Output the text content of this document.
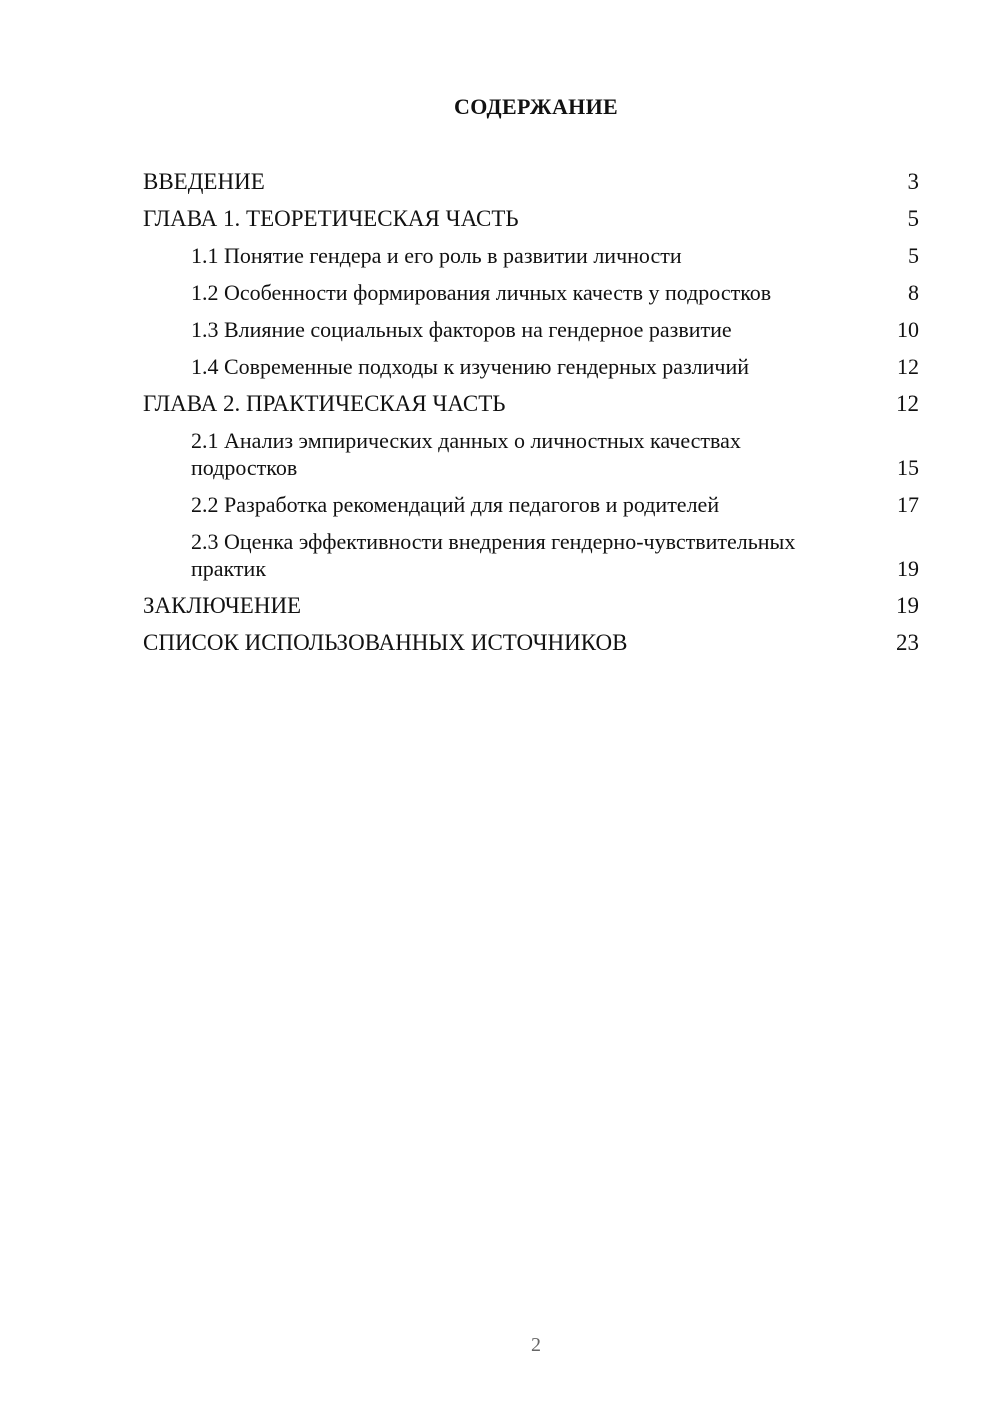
СОДЕРЖАНИЕ
ВВЕДЕНИЕ	3
ГЛАВА 1. ТЕОРЕТИЧЕСКАЯ ЧАСТЬ	5
1.1 Понятие гендера и его роль в развитии личности	5
1.2 Особенности формирования личных качеств у подростков	8
1.3 Влияние социальных факторов на гендерное развитие	10
1.4 Современные подходы к изучению гендерных различий	12
ГЛАВА 2. ПРАКТИЧЕСКАЯ ЧАСТЬ	12
2.1 Анализ эмпирических данных о личностных качествах подростков	15
2.2 Разработка рекомендаций для педагогов и родителей	17
2.3 Оценка эффективности внедрения гендерно-чувствительных практик	19
ЗАКЛЮЧЕНИЕ	19
СПИСОК ИСПОЛЬЗОВАННЫХ ИСТОЧНИКОВ	23
2
